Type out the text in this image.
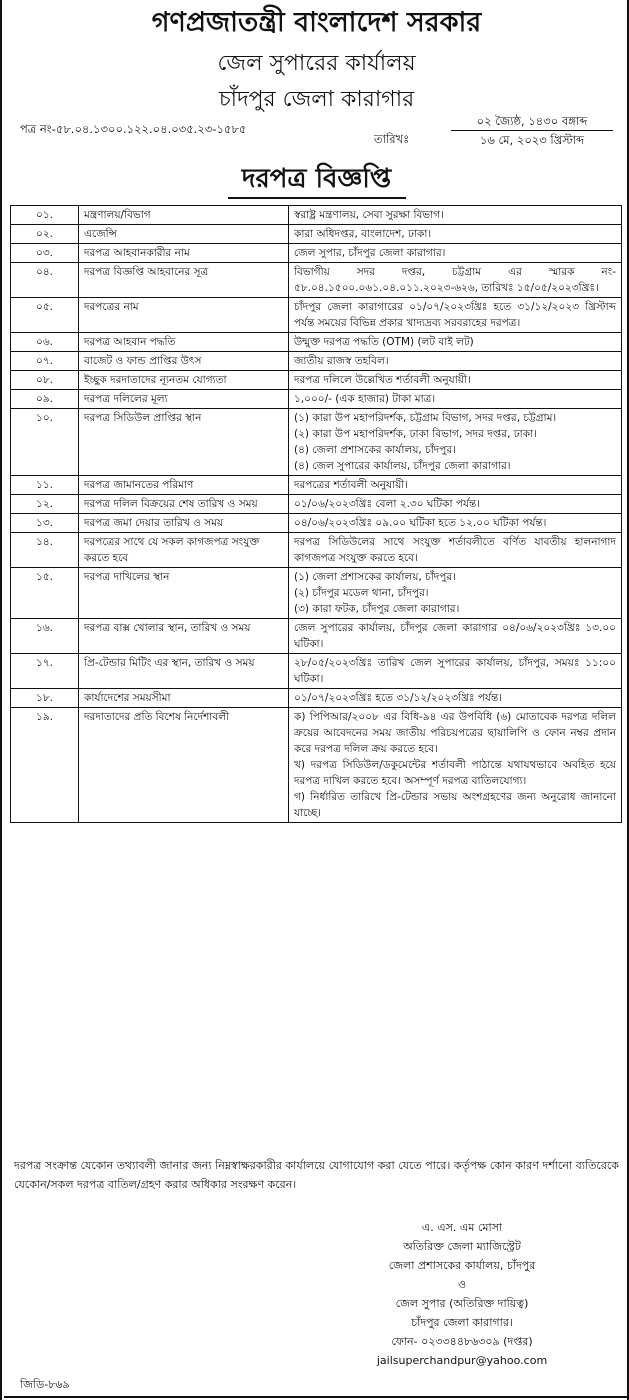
গণপ্রজাতন্ত্রী বাংলাদেশ সরকার
জেল সুপারের কার্যালয়
চাঁদপুর জেলা কারাগার
পত্র নং-৫৮.০৪.১৩০০.১২২.০৪.০৩৫.২৩-১৫৮৫
তারিখঃ
০২ জ্যৈষ্ঠ, ১৪৩০ বঙ্গাব্দ
১৬ মে, ২০২৩ খ্রিস্টাব্দ
দরপত্র বিজ্ঞপ্তি
০১.	মন্ত্রণালয়/বিভাগ	স্বরাষ্ট্র মন্ত্রণালয়, সেবা সুরক্ষা বিভাগ।
০২.	এজেন্সি	কারা অধিদপ্তর, বাংলাদেশ, ঢাকা।
০৩.	দরপত্র আহবানকারীর নাম	জেল সুপার, চাঁদপুর জেলা কারাগার।
০৪.	দরপত্র বিজ্ঞপ্তি আহবানের সূত্র	বিভাগীয় সদর দপ্তর, চট্টগ্রাম এর স্মারক নং- ৫৮.০৪.১৫০০.০৬১.০৪.০১১.২০২৩-৬২৬, তারিখঃ ১৫/০৫/২০২৩খ্রিঃ।
০৫.	দরপত্রের নাম	চাঁদপুর জেলা কারাগারের ০১/০৭/২০২৩খ্রিঃ হতে ৩১/১২/২০২৩ খ্রিস্টাব্দ পর্যন্ত সময়ের বিভিন্ন প্রকার খাদ্যদ্রব্য সরবরাহের দরপত্র।
০৬.	দরপত্র আহবান পদ্ধতি	উন্মুক্ত দরপত্র পদ্ধতি (OTM) (লট বাই লট)
০৭.	বাজেট ও ফান্ড প্রাপ্তির উৎস	জাতীয় রাজস্ব তহবিল।
০৮.	ইচ্ছুক দরদাতাদের ন্যূনতম যোগ্যতা	দরপত্র দলিলে উল্লেখিত শর্তাবলী অনুযায়ী।
০৯.	দরপত্র দলিলের মূল্য	১,০০০/- (এক হাজার) টাকা মাত্র।
১০.	দরপত্র সিডিউল প্রাপ্তির স্থান	(১) কারা উপ মহাপরিদর্শক, চট্টগ্রাম বিভাগ, সদর দপ্তর, চট্টগ্রাম।
(২) কারা উপ মহাপরিদর্শক, ঢাকা বিভাগ, সদর দপ্তর, ঢাকা।
(৪) জেলা প্রশাসকের কার্যালয়, চাঁদপুর।
(৪) জেল সুপারের কার্যালয়, চাঁদপুর জেলা কারাগার।

১১.	দরপত্র জামানতের পরিমাণ	দরপত্রের শর্তাবলী অনুযায়ী।
১২.	দরপত্র দলিল বিক্রয়ের শেষ তারিখ ও সময়	০১/০৬/২০২৩খ্রিঃ বেলা ২.৩০ ঘটিকা পর্যন্ত।
১৩.	দরপত্র জমা দেয়ার তারিখ ও সময়	০৪/০৬/২০২৩খ্রিঃ ০৯.০০ ঘটিকা হতে ১২.০০ ঘটিকা পর্যন্ত।
১৪.	দরপত্রের সাথে যে সকল কাগজপত্র সংযুক্ত করতে হবে	দরপত্র সিডিউলের সাথে সংযুক্ত শর্তাবলীতে বর্ণিত যাবতীয় হালনাগাদ কাগজপত্র সংযুক্ত করতে হবে।
১৫.	দরপত্র দাখিলের স্থান	(১) জেলা প্রশাসকের কার্যালয়, চাঁদপুর।
(২) চাঁদপুর মডেল থানা, চাঁদপুর।
(৩) কারা ফটক, চাঁদপুর জেলা কারাগার।

১৬.	দরপত্র বাক্স খোলার স্থান, তারিখ ও সময়	জেল সুপারের কার্যালয়, চাঁদপুর জেলা কারাগার ০৪/০৬/২০২৩খ্রিঃ ১৩.০০ ঘটিকা।
১৭.	প্রি-টেন্ডার মিটিং এর স্থান, তারিখ ও সময়	২৮/০৫/২০২৩খ্রিঃ তারিখ জেল সুপারের কার্যালয়, চাঁদপুর, সময়ঃ ১১:০০ ঘটিকা।
১৮.	কার্যাদেশের সময়সীমা	০১/০৭/২০২৩খ্রিঃ হতে ৩১/১২/২০২৩খ্রিঃ পর্যন্ত।
১৯.	দরদাতাদের প্রতি বিশেষ নির্দেশাবলী	ক) পিপিআর/২০০৮ এর বিধি-৯৪ এর উপবিধি (৬) মোতাবেক দরপত্র দলিল ক্রয়ের আবেদনের সময় জাতীয় পরিচয়পত্রের ছায়ালিপি ও ফোন নম্বর প্রদান করে দরপত্র দলিল ক্রয় করতে হবে।
খ) দরপত্র সিডিউল/ডকুমেন্টের শর্তাবলী পাঠান্তে যথাযথভাবে অবহিত হয়ে দরপত্র দাখিল করতে হবে। অসম্পূর্ণ দরপত্র বাতিলযোগ্য।
গ) নির্ধারিত তারিখে প্রি-টেন্ডার সভায় অংশগ্রহণের জন্য অনুরোধ জানানো যাচ্ছে।
দরপত্র সংক্রান্ত যেকোন তথ্যাবলী জানার জন্য নিম্নস্বাক্ষরকারীর কার্যালয়ে যোগাযোগ করা যেতে পারে। কর্তৃপক্ষ কোন কারণ দর্শানো ব্যতিরেকে যেকোন/সকল দরপত্র বাতিল/গ্রহণ করার অধিকার সংরক্ষণ করেন।
এ. এস. এম মোসা
অতিরিক্ত জেলা ম্যাজিস্ট্রেট
জেলা প্রশাসকের কার্যালয়, চাঁদপুর
ও
জেল সুপার (অতিরিক্ত দায়িত্ব)
চাঁদপুর জেলা কারাগার।
ফোন- ০২৩৩৪৪৮৬৩০৯ (দপ্তর)
jailsuperchandpur@yahoo.com
জিডি-৮৬৯
